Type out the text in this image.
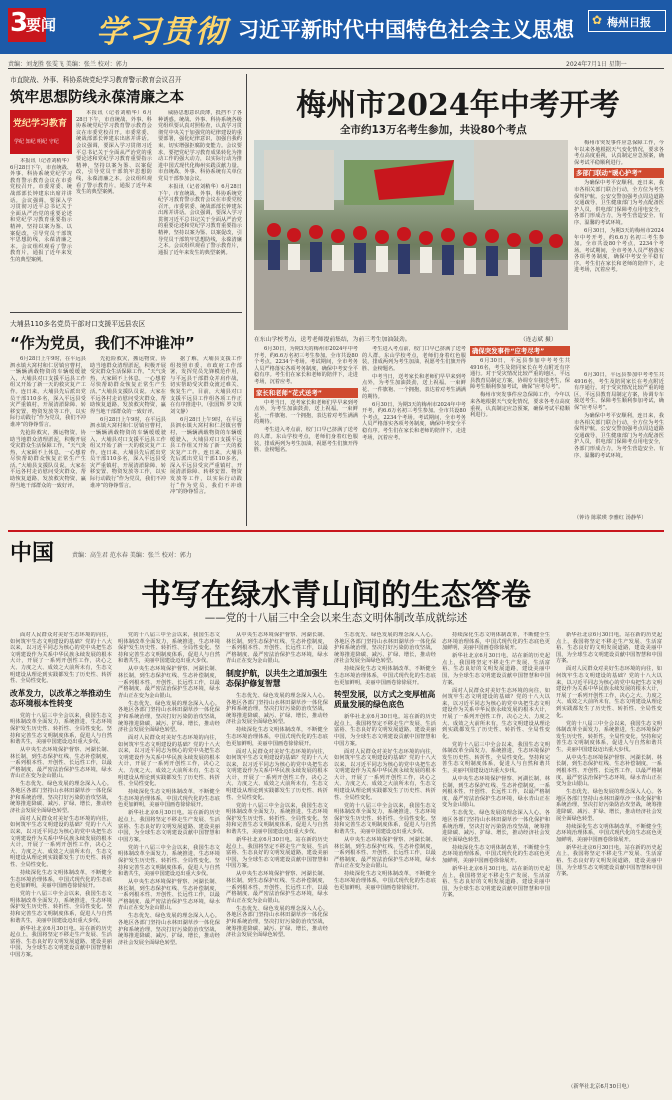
3
要闻 学习贯彻 习近平新时代中国特色社会主义思想 ✿ 梅州日报
责编：刘龙胜 张雯飞 美编：张兰 校对：郭力	2024年7月1日 星期一
市直院战、外事、科协系统党纪学习教育警示教育会议召开
筑牢思想防线永葆清廉之本
党纪学习教育
学纪 知纪 明纪 守纪

本报讯（记者刘稍华）6月28日下午，市直统战、外事、科协系统党纪学习教育警示教育会议在市委党校召开。市委常委、统战部部长钟建东出席并讲话。会议强调，要深入学习贯彻习近平总书记关于全面从严治党的重要论述和党纪学习教育重要指示精神，坚持以案为鉴、以案促改，引导党员干部筑牢思想防线，永葆清廉之本。会议组织观看了警示教育片，通报了近年来发生的典型案例。

本报讯（记者刘稍华）6月28日下午，市直统战、外事、科协系统党纪学习教育警示教育会议在市委党校召开。市委常委、统战部部长钟建东出席并讲话。会议强调，要深入学习贯彻习近平总书记关于全面从严治党的重要论述和党纪学习教育重要指示精神，坚持以案为鉴、以案促改，引导党员干部筑牢思想防线，永葆清廉之本。会议组织观看了警示教育片，通报了近年来发生的典型案例。

威胁思想意识淡薄，抵挡不了各种诱惑。统战、外事、科协系统各级党组织要认真对照检查，认真学习贯彻党中央关于加强党的纪律建设的重要部署，强化纪律意识，加强自我约束，切实增强拒腐防变能力。会议要求，要把党纪学习教育成果转化为推动工作的强大动力，以实际行动为推进中国式现代化梅州实践贡献力量。市直统战、外事、科协系统有关单位党员干部参加会议。

本报讯（记者刘稍华）6月28日下午，市直统战、外事、科协系统党纪学习教育警示教育会议在市委党校召开。市委常委、统战部部长钟建东出席并讲话。会议强调，要深入学习贯彻习近平总书记关于全面从严治党的重要论述和党纪学习教育重要指示精神，坚持以案为鉴、以案促改，引导党员干部筑牢思想防线，永葆清廉之本。会议组织观看了警示教育片，通报了近年来发生的典型案例。

大埔县110多名党员干部对口支援平远县农区
“作为党员，我们不冲谁冲”

6月28日上午9时，在平远县泗水镇大窝村和仁居镇官曹村，一辆辆满载物资的车辆缓缓驶入，大埔县对口支援平远县工作组又开始了新一天的救灾复产工作。连日来，大埔县先后派出党员干部110多名，深入平远县受灾严重镇村，开展清淤除障、转移安置、物资发放等工作，以实际行动践行“作为党员，我们不冲谁冲”的铮铮誓言。

先抢险救灾，搬运物资，协助当地群众清理淤泥，积极开展受灾群众生活保障工作。“天气炎热，大家顾不上休息，一心想着尽快帮助群众恢复正常生产生活。”大埔县支援队员说。大家在平远各村走访慰问受灾群众，帮助恢复道路，发放救灾物资，赢得当地干部群众的一致好评。

先抢险救灾，搬运物资，协助当地群众清理淤泥，积极开展受灾群众生活保障工作。“天气炎热，大家顾不上休息，一心想着尽快帮助群众恢复正常生产生活。”大埔县支援队员说。大家在平远各村走访慰问受灾群众，帮助恢复道路，发放救灾物资，赢得当地干部群众的一致好评。

6月28日上午9时，在平远县泗水镇大窝村和仁居镇官曹村，一辆辆满载物资的车辆缓缓驶入，大埔县对口支援平远县工作组又开始了新一天的救灾复产工作。连日来，大埔县先后派出党员干部110多名，深入平远县受灾严重镇村，开展清淤除障、转移安置、物资发放等工作，以实际行动践行“作为党员，我们不冲谁冲”的铮铮誓言。

据了解，大埔县支援工作组按照市委、市政府工作部署，发挥党员先锋模范作用，与平远县干部群众并肩作战，切实帮助受灾群众渡过难关、恢复生产。目前，大埔县对口支援平远县工作组各项工作正在有序推进中。（张国辉 罗文琪 刘文静）

6月28日上午9时，在平远县泗水镇大窝村和仁居镇官曹村，一辆辆满载物资的车辆缓缓驶入，大埔县对口支援平远县工作组又开始了新一天的救灾复产工作。连日来，大埔县先后派出党员干部110多名，深入平远县受灾严重镇村，开展清淤除障、转移安置、物资发放等工作，以实际行动践行“作为党员，我们不冲谁冲”的铮铮誓言。

梅州市2024年中考开考
全市约13万名考生参加，共设80个考点
在东山学校考点，送考老师提前集结，为前三考生加油鼓劲。	（连志斌 摄）

梅州市突发事件应急保障工作，今年以来各地根据天气变化情况，要求各考点高度重视，认真制定应急预案，确保考试平稳顺利进行。

多部门联动“暖心护考”

为确保中考平安顺利，连日来，我市各相关部门联合行动，全方位为考生保驾护航。公安交警加强考点周边道路交通疏导，卫生健康部门为考点配备医护人员，供电部门保障考点用电安全，各部门形成合力，为考生营造安全、有序、温馨的考试环境。

6月30日，为期3天的梅州市2024年中考开考，约6.6万名初三考生参加。全市共设80个考点，2234个考场。考试期间，全市考务人员严格落实各项考务制度，确保中考安全平稳有序。考生们在家长和老师的陪伴下，走进考场，沉着应考。

6月30日，平远县参加中考考生共4916名，考生及陪同家长在考点附近有序通行。对于受灾情况比较严重的地区，平远县教育局制定方案，协调专车接送考生，保障考生顺利参加考试，确保“应考尽考”。

为确保中考平安顺利，连日来，我市各相关部门联合行动，全方位为考生保驾护航。公安交警加强考点周边道路交通疏导，卫生健康部门为考点配备医护人员，供电部门保障考点用电安全，各部门形成合力，为考生营造安全、有序、温馨的考试环境。

（钟诗 陈联瑛 李雅红 汤静华）

6月30日，为期3天的梅州市2024年中考开考，约6.6万名初三考生参加。全市共设80个考点，2234个考场。考试期间，全市考务人员严格落实各项考务制度，确保中考安全平稳有序。考生们在家长和老师的陪伴下，走进考场，沉着应考。

家长和老师“花式送考”

中考当日，送考家长和老师们早早来到考点外，为考生加油鼓劲，送上祝福。一束鲜花、一件旗袍、一个拥抱，表达着对考生满满的期待。

考生进入考点前，校门口早已挤满了送考的人群。东山学校考点，老师们身着红色服装，排成两列为考生加油，祝愿考生们旗开得胜、金榜题名。

考生进入考点前，校门口早已挤满了送考的人群。东山学校考点，老师们身着红色服装，排成两列为考生加油，祝愿考生们旗开得胜、金榜题名。

中考当日，送考家长和老师们早早来到考点外，为考生加油鼓劲，送上祝福。一束鲜花、一件旗袍、一个拥抱，表达着对考生满满的期待。

6月30日，为期3天的梅州市2024年中考开考，约6.6万名初三考生参加。全市共设80个考点，2234个考场。考试期间，全市考务人员严格落实各项考务制度，确保中考安全平稳有序。考生们在家长和老师的陪伴下，走进考场，沉着应考。

确保突发事件“应考尽考”

6月30日，平远县参加中考考生共4916名，考生及陪同家长在考点附近有序通行。对于受灾情况比较严重的地区，平远县教育局制定方案，协调专车接送考生，保障考生顺利参加考试，确保“应考尽考”。

梅州市突发事件应急保障工作，今年以来各地根据天气变化情况，要求各考点高度重视，认真制定应急预案，确保考试平稳顺利进行。

中国	责编：高生君 范水春 美编：张兰 校对：郭力
书写在绿水青山间的生态答卷
——党的十八届三中全会以来生态文明体制改革成就综述

面对人民群众对美好生态环境的向往，如何筑牢生态文明建设的基础？党的十八大以来，以习近平同志为核心的党中央把生态文明建设作为关系中华民族永续发展的根本大计，开展了一系列开创性工作，决心之大、力度之大、成效之大前所未有，生态文明建设从理论到实践都发生了历史性、转折性、全局性变化。

改革发力，以改革之举推动生态环境根本性转变

党的十八届三中全会以来，我国生态文明体制改革全面发力，系统推进，生态环境保护发生历史性、转折性、全局性变化。坚持和完善生态文明制度体系，促进人与自然和谐共生，美丽中国建设迈出重大步伐。

从中央生态环境保护督察、河湖长制、林长制，到生态保护红线、生态补偿制度，一系列根本性、开创性、长远性工作，以最严格制度、最严密法治保护生态环境，绿水青山正在变为金山银山。

生态优先、绿色发展的理念深入人心。各地区各部门坚持山水林田湖草沙一体化保护和系统治理，坚决打好污染防治攻坚战，统筹推进降碳、减污、扩绿、增长，推动经济社会发展全面绿色转型。

面对人民群众对美好生态环境的向往，如何筑牢生态文明建设的基础？党的十八大以来，以习近平同志为核心的党中央把生态文明建设作为关系中华民族永续发展的根本大计，开展了一系列开创性工作，决心之大、力度之大、成效之大前所未有，生态文明建设从理论到实践都发生了历史性、转折性、全局性变化。

持续深化生态文明体制改革，不断健全生态环境治理体系，中国式现代化的生态底色更加鲜明，美丽中国画卷徐徐展开。

党的十八届三中全会以来，我国生态文明体制改革全面发力，系统推进，生态环境保护发生历史性、转折性、全局性变化。坚持和完善生态文明制度体系，促进人与自然和谐共生，美丽中国建设迈出重大步伐。

新华社北京6月30日电。站在新的历史起点上，我国将坚定不移走生产发展、生活富裕、生态良好的文明发展道路，建设美丽中国，为全球生态文明建设贡献中国智慧和中国方案。

党的十八届三中全会以来，我国生态文明体制改革全面发力，系统推进，生态环境保护发生历史性、转折性、全局性变化。坚持和完善生态文明制度体系，促进人与自然和谐共生，美丽中国建设迈出重大步伐。

从中央生态环境保护督察、河湖长制、林长制，到生态保护红线、生态补偿制度，一系列根本性、开创性、长远性工作，以最严格制度、最严密法治保护生态环境，绿水青山正在变为金山银山。

生态优先、绿色发展的理念深入人心。各地区各部门坚持山水林田湖草沙一体化保护和系统治理，坚决打好污染防治攻坚战，统筹推进降碳、减污、扩绿、增长，推动经济社会发展全面绿色转型。

面对人民群众对美好生态环境的向往，如何筑牢生态文明建设的基础？党的十八大以来，以习近平同志为核心的党中央把生态文明建设作为关系中华民族永续发展的根本大计，开展了一系列开创性工作，决心之大、力度之大、成效之大前所未有，生态文明建设从理论到实践都发生了历史性、转折性、全局性变化。

持续深化生态文明体制改革，不断健全生态环境治理体系，中国式现代化的生态底色更加鲜明，美丽中国画卷徐徐展开。

新华社北京6月30日电。站在新的历史起点上，我国将坚定不移走生产发展、生活富裕、生态良好的文明发展道路，建设美丽中国，为全球生态文明建设贡献中国智慧和中国方案。

党的十八届三中全会以来，我国生态文明体制改革全面发力，系统推进，生态环境保护发生历史性、转折性、全局性变化。坚持和完善生态文明制度体系，促进人与自然和谐共生，美丽中国建设迈出重大步伐。

从中央生态环境保护督察、河湖长制、林长制，到生态保护红线、生态补偿制度，一系列根本性、开创性、长远性工作，以最严格制度、最严密法治保护生态环境，绿水青山正在变为金山银山。

生态优先、绿色发展的理念深入人心。各地区各部门坚持山水林田湖草沙一体化保护和系统治理，坚决打好污染防治攻坚战，统筹推进降碳、减污、扩绿、增长，推动经济社会发展全面绿色转型。

从中央生态环境保护督察、河湖长制、林长制，到生态保护红线、生态补偿制度，一系列根本性、开创性、长远性工作，以最严格制度、最严密法治保护生态环境，绿水青山正在变为金山银山。

制度护航，以共生之道加强生态保护修复智慧

生态优先、绿色发展的理念深入人心。各地区各部门坚持山水林田湖草沙一体化保护和系统治理，坚决打好污染防治攻坚战，统筹推进降碳、减污、扩绿、增长，推动经济社会发展全面绿色转型。

持续深化生态文明体制改革，不断健全生态环境治理体系，中国式现代化的生态底色更加鲜明，美丽中国画卷徐徐展开。

面对人民群众对美好生态环境的向往，如何筑牢生态文明建设的基础？党的十八大以来，以习近平同志为核心的党中央把生态文明建设作为关系中华民族永续发展的根本大计，开展了一系列开创性工作，决心之大、力度之大、成效之大前所未有，生态文明建设从理论到实践都发生了历史性、转折性、全局性变化。

党的十八届三中全会以来，我国生态文明体制改革全面发力，系统推进，生态环境保护发生历史性、转折性、全局性变化。坚持和完善生态文明制度体系，促进人与自然和谐共生，美丽中国建设迈出重大步伐。

新华社北京6月30日电。站在新的历史起点上，我国将坚定不移走生产发展、生活富裕、生态良好的文明发展道路，建设美丽中国，为全球生态文明建设贡献中国智慧和中国方案。

从中央生态环境保护督察、河湖长制、林长制，到生态保护红线、生态补偿制度，一系列根本性、开创性、长远性工作，以最严格制度、最严密法治保护生态环境，绿水青山正在变为金山银山。

生态优先、绿色发展的理念深入人心。各地区各部门坚持山水林田湖草沙一体化保护和系统治理，坚决打好污染防治攻坚战，统筹推进降碳、减污、扩绿、增长，推动经济社会发展全面绿色转型。

生态优先、绿色发展的理念深入人心。各地区各部门坚持山水林田湖草沙一体化保护和系统治理，坚决打好污染防治攻坚战，统筹推进降碳、减污、扩绿、增长，推动经济社会发展全面绿色转型。

持续深化生态文明体制改革，不断健全生态环境治理体系，中国式现代化的生态底色更加鲜明，美丽中国画卷徐徐展开。

转型发展，以方式之变厚植高质量发展的绿色底色

新华社北京6月30日电。站在新的历史起点上，我国将坚定不移走生产发展、生活富裕、生态良好的文明发展道路，建设美丽中国，为全球生态文明建设贡献中国智慧和中国方案。

面对人民群众对美好生态环境的向往，如何筑牢生态文明建设的基础？党的十八大以来，以习近平同志为核心的党中央把生态文明建设作为关系中华民族永续发展的根本大计，开展了一系列开创性工作，决心之大、力度之大、成效之大前所未有，生态文明建设从理论到实践都发生了历史性、转折性、全局性变化。

党的十八届三中全会以来，我国生态文明体制改革全面发力，系统推进，生态环境保护发生历史性、转折性、全局性变化。坚持和完善生态文明制度体系，促进人与自然和谐共生，美丽中国建设迈出重大步伐。

从中央生态环境保护督察、河湖长制、林长制，到生态保护红线、生态补偿制度，一系列根本性、开创性、长远性工作，以最严格制度、最严密法治保护生态环境，绿水青山正在变为金山银山。

持续深化生态文明体制改革，不断健全生态环境治理体系，中国式现代化的生态底色更加鲜明，美丽中国画卷徐徐展开。

持续深化生态文明体制改革，不断健全生态环境治理体系，中国式现代化的生态底色更加鲜明，美丽中国画卷徐徐展开。

新华社北京6月30日电。站在新的历史起点上，我国将坚定不移走生产发展、生活富裕、生态良好的文明发展道路，建设美丽中国，为全球生态文明建设贡献中国智慧和中国方案。

面对人民群众对美好生态环境的向往，如何筑牢生态文明建设的基础？党的十八大以来，以习近平同志为核心的党中央把生态文明建设作为关系中华民族永续发展的根本大计，开展了一系列开创性工作，决心之大、力度之大、成效之大前所未有，生态文明建设从理论到实践都发生了历史性、转折性、全局性变化。

党的十八届三中全会以来，我国生态文明体制改革全面发力，系统推进，生态环境保护发生历史性、转折性、全局性变化。坚持和完善生态文明制度体系，促进人与自然和谐共生，美丽中国建设迈出重大步伐。

从中央生态环境保护督察、河湖长制、林长制，到生态保护红线、生态补偿制度，一系列根本性、开创性、长远性工作，以最严格制度、最严密法治保护生态环境，绿水青山正在变为金山银山。

生态优先、绿色发展的理念深入人心。各地区各部门坚持山水林田湖草沙一体化保护和系统治理，坚决打好污染防治攻坚战，统筹推进降碳、减污、扩绿、增长，推动经济社会发展全面绿色转型。

持续深化生态文明体制改革，不断健全生态环境治理体系，中国式现代化的生态底色更加鲜明，美丽中国画卷徐徐展开。

新华社北京6月30日电。站在新的历史起点上，我国将坚定不移走生产发展、生活富裕、生态良好的文明发展道路，建设美丽中国，为全球生态文明建设贡献中国智慧和中国方案。

新华社北京6月30日电。站在新的历史起点上，我国将坚定不移走生产发展、生活富裕、生态良好的文明发展道路，建设美丽中国，为全球生态文明建设贡献中国智慧和中国方案。

面对人民群众对美好生态环境的向往，如何筑牢生态文明建设的基础？党的十八大以来，以习近平同志为核心的党中央把生态文明建设作为关系中华民族永续发展的根本大计，开展了一系列开创性工作，决心之大、力度之大、成效之大前所未有，生态文明建设从理论到实践都发生了历史性、转折性、全局性变化。

党的十八届三中全会以来，我国生态文明体制改革全面发力，系统推进，生态环境保护发生历史性、转折性、全局性变化。坚持和完善生态文明制度体系，促进人与自然和谐共生，美丽中国建设迈出重大步伐。

从中央生态环境保护督察、河湖长制、林长制，到生态保护红线、生态补偿制度，一系列根本性、开创性、长远性工作，以最严格制度、最严密法治保护生态环境，绿水青山正在变为金山银山。

生态优先、绿色发展的理念深入人心。各地区各部门坚持山水林田湖草沙一体化保护和系统治理，坚决打好污染防治攻坚战，统筹推进降碳、减污、扩绿、增长，推动经济社会发展全面绿色转型。

持续深化生态文明体制改革，不断健全生态环境治理体系，中国式现代化的生态底色更加鲜明，美丽中国画卷徐徐展开。

新华社北京6月30日电。站在新的历史起点上，我国将坚定不移走生产发展、生活富裕、生态良好的文明发展道路，建设美丽中国，为全球生态文明建设贡献中国智慧和中国方案。

（新华社北京6月30日电）
